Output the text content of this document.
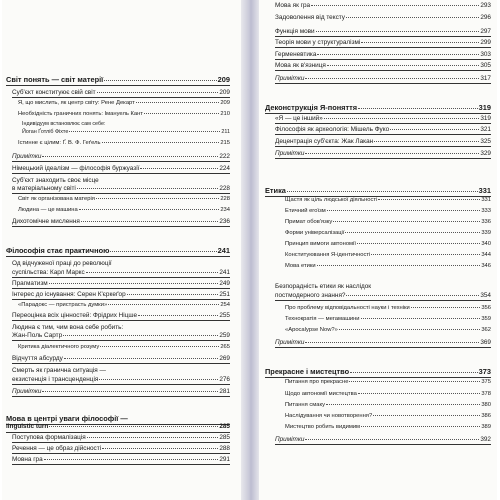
Світ понять — світ матерії	209
Суб'єкт конституює свій світ	209
Я, що мислить, як центр світу: Рене Декарт	209
Необхідність граничних понять: Імануель Кант	210
Індивідуум встановлює сам себе:
Йоган Ґотліб Фіхте	211
Істинне є цілим: Ґ. В. Ф. Геґель	215
Примітки	222
Німецький ідеалізм — філософія буржуазії	224
Суб'єкт знаходить своє місце
в матеріальному світі	228
Світ як організована матерія	228
Людина — це машина	234
Дихотомічне мислення	236
Філософія стає практичною	241
Од відчуженої праці до революції
суспільства: Карл Маркс	241
Прагматизм	249
Інтерес до існування: Серен К'єркеґор	251
«Парадокс — пристрасть думки»	254
Переоцінка всіх цінностей: Фрідрих Ніцше	255
Людина є тим, чим вона себе робить:
Жан-Поль Сартр	259
Критика діалектичного розуму	265
Відчуття абсурду	269
Смерть як гранична ситуація —
екзистенція і трансценденція	276
Примітки	281
Мова в центрі уваги філософії —
linguistic turn	285
Поступова формалізація	285
Речення — це образ дійсності	288
Мовна гра	291
Мова як гра	293
Задоволення від тексту	296
Функція мови	297
Теорія мови у структуралізмі	299
Герменевтика	303
Мова як в'язниця	305
Примітки	317
Деконструкція Я-поняття	319
«Я — це інший»	319
Філософія як археологія: Мішель Фуко	321
Децентрація суб'єкта: Жак Лакан	325
Примітки	329
Етика	331
Щастя як ціль людської діяльності	331
Етичний егоїзм	333
Примат обов'язку	336
Форми універсалізації	339
Принцип вимоги автономії	340
Конституювання Я-ідентичності	344
Мова етики	346
Безпорадність етики як наслідок
постмодерного знання?	354
Про проблему відповідальності науки і техніки	356
Технократія — мегамашини	359
«Apocalypse Now?»	362
Примітки	369
Прекрасне і мистецтво	373
Питання про прекрасне	375
Щодо автономії мистецтва	378
Питання смаку	380
Наслідування чи новотворення?	386
Мистецтво робить видимим	389
Примітки	392
